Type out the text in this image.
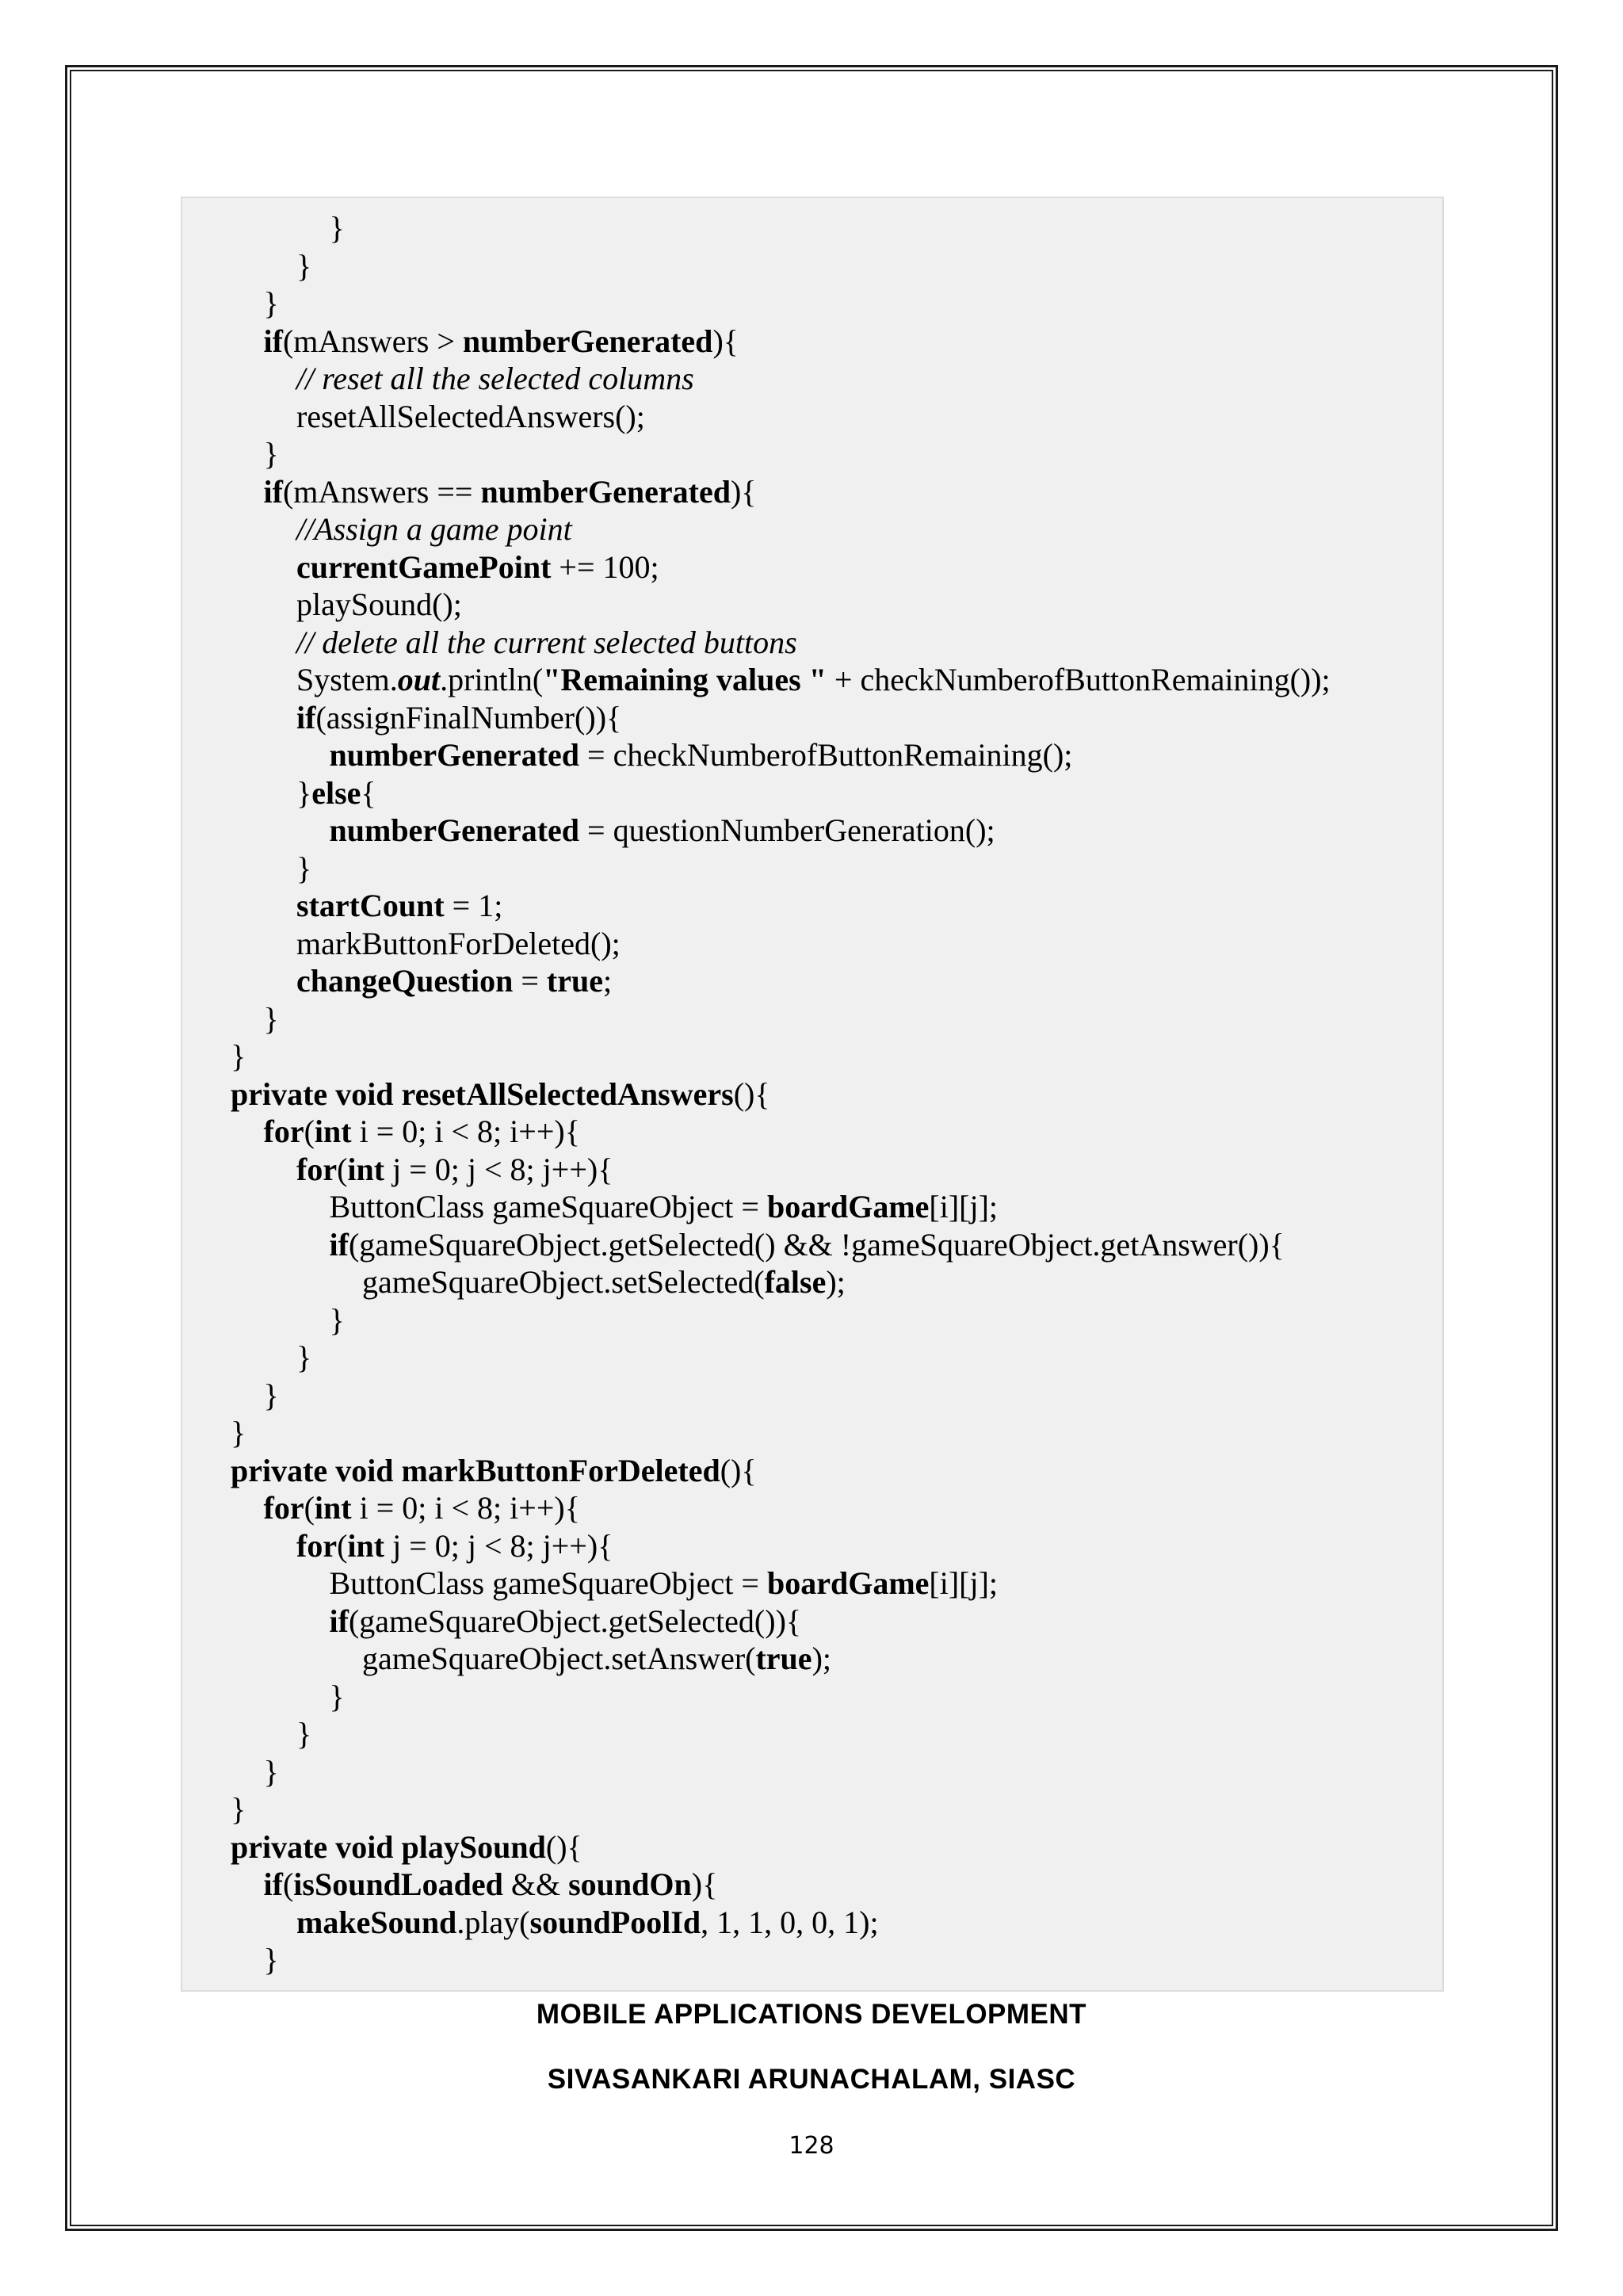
}
}
}
if(mAnswers > numberGenerated){
// reset all the selected columns
resetAllSelectedAnswers();
}
if(mAnswers == numberGenerated){
//Assign a game point
currentGamePoint += 100;
playSound();
// delete all the current selected buttons
System.out.println("Remaining values " + checkNumberofButtonRemaining());
if(assignFinalNumber()){
numberGenerated = checkNumberofButtonRemaining();
}else{
numberGenerated = questionNumberGeneration();
}
startCount = 1;
markButtonForDeleted();
changeQuestion = true;
}
}
private void resetAllSelectedAnswers(){
for(int i = 0; i < 8; i++){
for(int j = 0; j < 8; j++){
ButtonClass gameSquareObject = boardGame[i][j];
if(gameSquareObject.getSelected() && !gameSquareObject.getAnswer()){
gameSquareObject.setSelected(false);
}
}
}
}
private void markButtonForDeleted(){
for(int i = 0; i < 8; i++){
for(int j = 0; j < 8; j++){
ButtonClass gameSquareObject = boardGame[i][j];
if(gameSquareObject.getSelected()){
gameSquareObject.setAnswer(true);
}
}
}
}
private void playSound(){
if(isSoundLoaded && soundOn){
makeSound.play(soundPoolId, 1, 1, 0, 0, 1);
}
MOBILE APPLICATIONS DEVELOPMENT
SIVASANKARI ARUNACHALAM, SIASC
128
